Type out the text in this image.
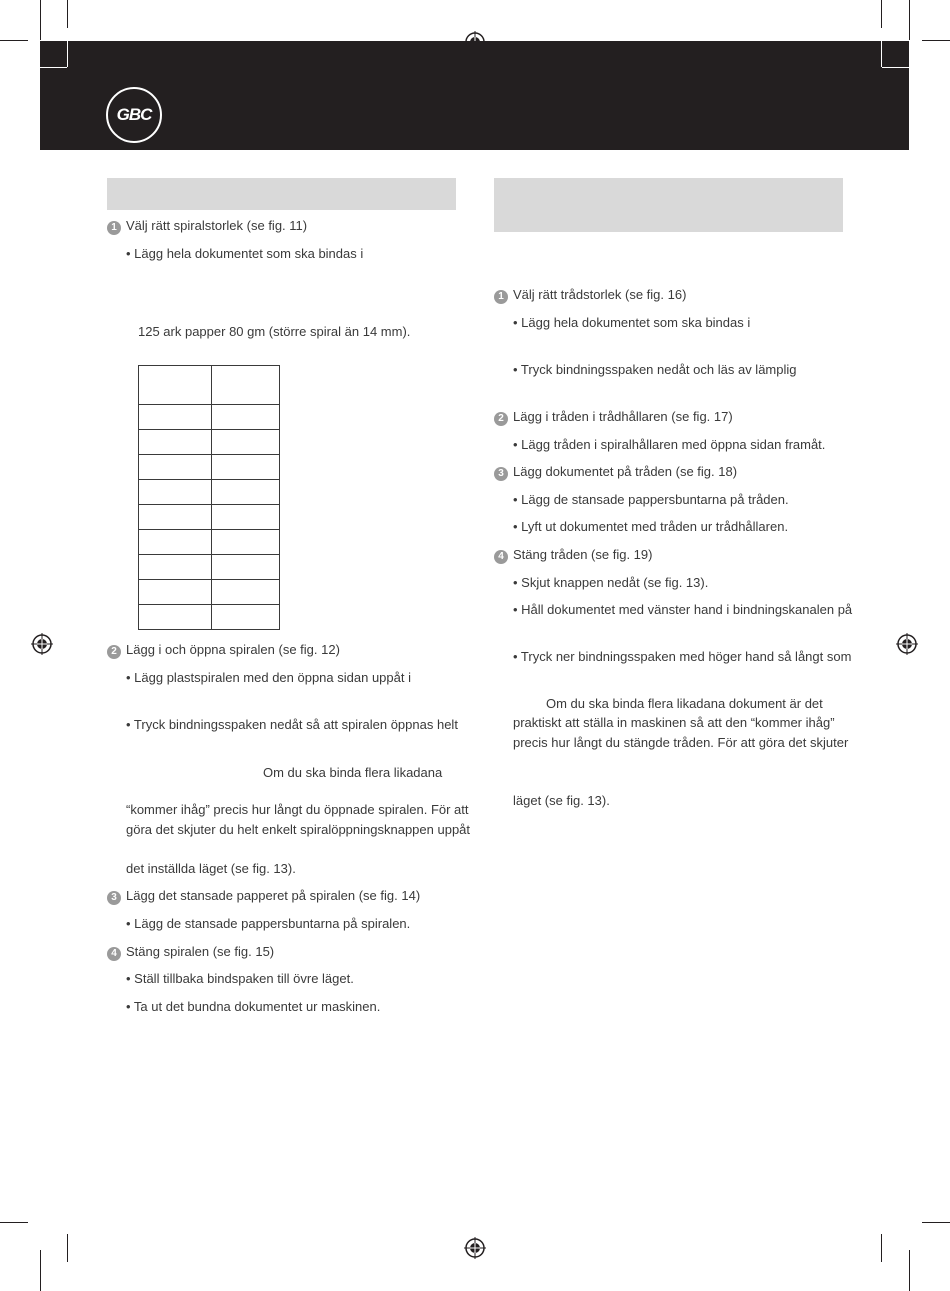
GBC
1 Välj rätt spiralstorlek (se fig. 11)
• Lägg hela dokumentet som ska bindas i
125 ark papper 80 gm (större spiral än 14 mm).

2 Lägg i och öppna spiralen (se fig. 12)
• Lägg plastspiralen med den öppna sidan uppåt i
• Tryck bindningsspaken nedåt så att spiralen öppnas helt
Om du ska binda flera likadana
“kommer ihåg” precis hur långt du öppnade spiralen. För att
göra det skjuter du helt enkelt spiralöppningsknappen uppåt
det inställda läget (se fig. 13).
3 Lägg det stansade papperet på spiralen (se fig. 14)
• Lägg de stansade pappersbuntarna på spiralen.
4 Stäng spiralen (se fig. 15)
• Ställ tillbaka bindspaken till övre läget.
• Ta ut det bundna dokumentet ur maskinen.
1 Välj rätt trådstorlek (se fig. 16)
• Lägg hela dokumentet som ska bindas i
• Tryck bindningsspaken nedåt och läs av lämplig
2 Lägg i tråden i trådhållaren (se fig. 17)
• Lägg tråden i spiralhållaren med öppna sidan framåt.
3 Lägg dokumentet på tråden (se fig. 18)
• Lägg de stansade pappersbuntarna på tråden.
• Lyft ut dokumentet med tråden ur trådhållaren.
4 Stäng tråden (se fig. 19)
• Skjut knappen nedåt (se fig. 13).
• Håll dokumentet med vänster hand i bindningskanalen på
• Tryck ner bindningsspaken med höger hand så långt som
Om du ska binda flera likadana dokument är det
praktiskt att ställa in maskinen så att den “kommer ihåg”
precis hur långt du stängde tråden. För att göra det skjuter
läget (se fig. 13).
